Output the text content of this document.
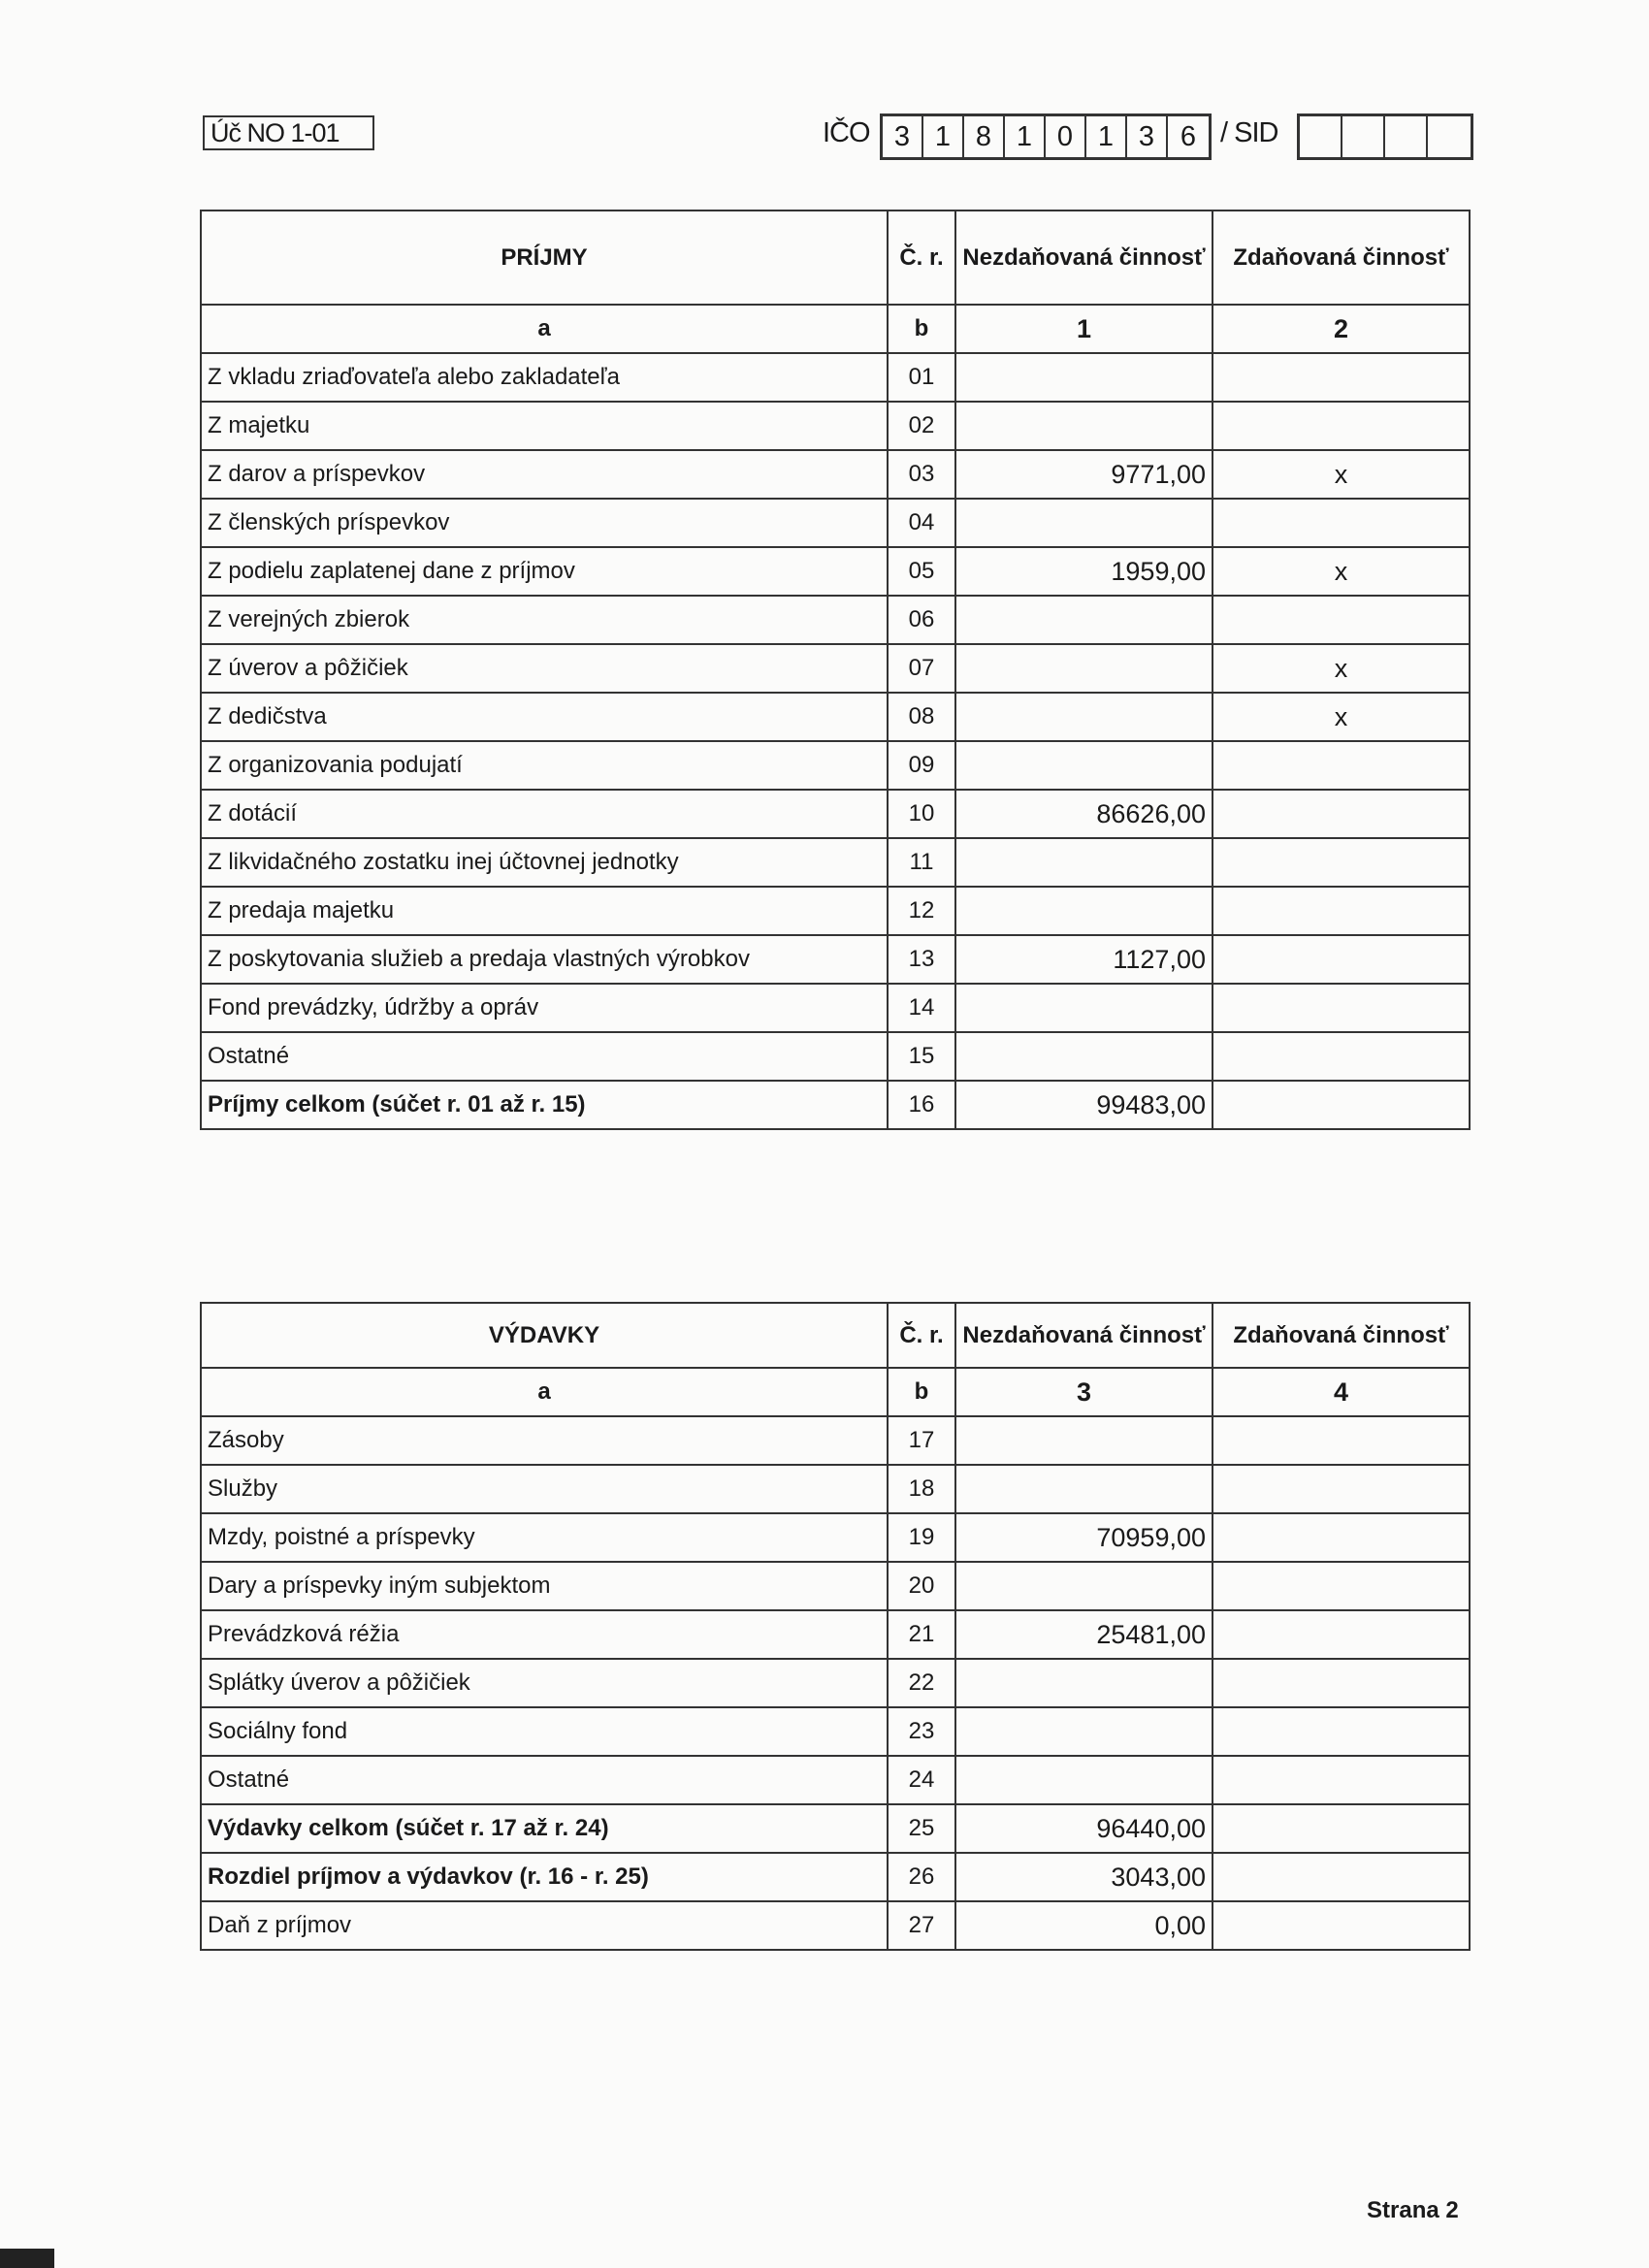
Úč NO 1-01	IČO 3 1 8 1 0 1 3 6 / SID
PRÍJMY	Č. r.	Nezdaňovaná činnosť	Zdaňovaná činnosť
a	b	1	2
Z vkladu zriaďovateľa alebo zakladateľa	01		
Z majetku	02		
Z darov a príspevkov	03	9771,00	x
Z členských príspevkov	04		
Z podielu zaplatenej dane z príjmov	05	1959,00	x
Z verejných zbierok	06		
Z úverov a pôžičiek	07		x
Z dedičstva	08		x
Z organizovania podujatí	09		
Z dotácií	10	86626,00	
Z likvidačného zostatku inej účtovnej jednotky	11		
Z predaja majetku	12		
Z poskytovania služieb a predaja vlastných výrobkov	13	1127,00	
Fond prevádzky, údržby a opráv	14		
Ostatné	15		
Príjmy celkom (súčet r. 01 až r. 15)	16	99483,00	
VÝDAVKY	Č. r.	Nezdaňovaná činnosť	Zdaňovaná činnosť
a	b	3	4
Zásoby	17		
Služby	18		
Mzdy, poistné a príspevky	19	70959,00	
Dary a príspevky iným subjektom	20		
Prevádzková réžia	21	25481,00	
Splátky úverov a pôžičiek	22		
Sociálny fond	23		
Ostatné	24		
Výdavky celkom (súčet r. 17 až r. 24)	25	96440,00	
Rozdiel príjmov a výdavkov (r. 16 - r. 25)	26	3043,00	
Daň z príjmov	27	0,00	
Strana 2
